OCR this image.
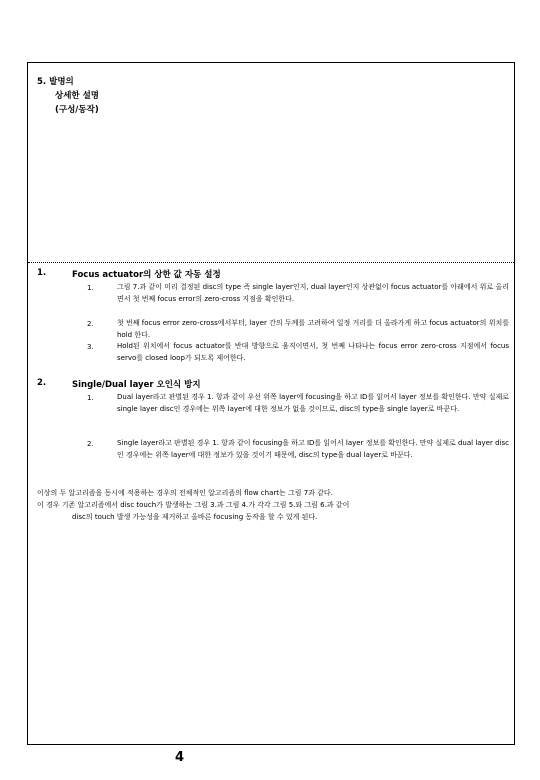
5. 발명의
상세한 설명
(구성/동작)
1.	Focus actuator의 상한 값 자동 설정
1.	그림 7.과 같이 미리 결정된 disc의 type 즉 single layer인지, dual layer인지 상관없이 focus actuator를 아래에서 위로 올리면서 첫 번째 focus error의 zero-cross 지점을 확인한다.
2.	첫 번째 focus error zero-cross에서부터, layer 간의 두께를 고려하여 일정 거리를 더 올라가게 하고 focus actuator의 위치를 hold 한다.
3.	Hold된 위치에서 focus actuator를 반대 방향으로 움직이면서, 첫 번째 나타나는 focus error zero-cross 지점에서 focus servo를 closed loop가 되도록 제어한다.
2.	Single/Dual layer 오인식 방지
1.	Dual layer라고 판별된 경우 1. 항과 같이 우선 위쪽 layer에 focusing을 하고 ID를 읽어서 layer 정보를 확인한다. 만약 실제로 single layer disc인 경우에는 위쪽 layer에 대한 정보가 없을 것이므로, disc의 type을 single layer로 바꾼다.
2.	Single layer라고 판별된 경우 1. 항과 같이 focusing을 하고 ID를 읽어서 layer 정보를 확인한다. 만약 실제로 dual layer disc인 경우에는 위쪽 layer에 대한 정보가 있을 것이기 때문에, disc의 type을 dual layer로 바꾼다.
이상의 두 알고리즘을 동시에 적용하는 경우의 전체적인 알고리즘의 flow chart는 그림 7과 같다.
이 경우 기존 알고리즘에서 disc touch가 발생하는 그림 3.과 그림 4.가 각각 그림 5.와 그림 6.과 같이
disc의 touch 발생 가능성을 제거하고 올바른 focusing 동작을 할 수 있게 된다.
4
